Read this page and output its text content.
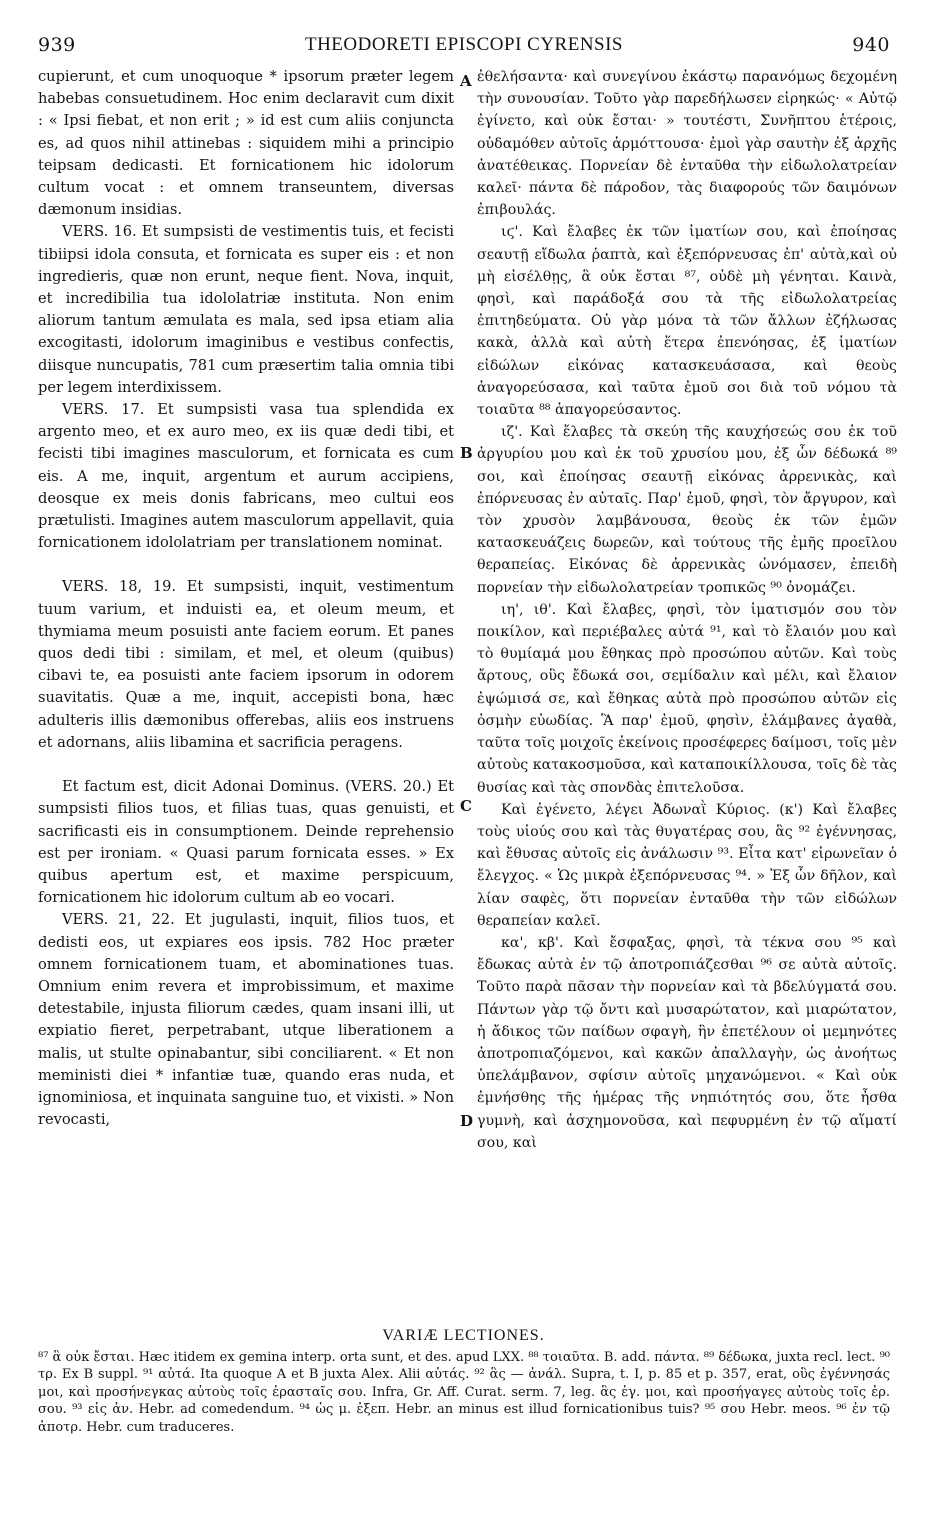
939	THEODORETI EPISCOPI CYRENSIS	940

cupierunt, et cum unoquoque * ipsorum præter legem habebas consuetudinem. Hoc enim declaravit cum dixit : « Ipsi fiebat, et non erit ; » id est cum aliis conjuncta es, ad quos nihil attinebas : siquidem mihi a principio teipsam dedicasti. Et fornicationem hic idolorum cultum vocat : et omnem transeuntem, diversas dæmonum insidias.

VERS. 16. Et sumpsisti de vestimentis tuis, et fecisti tibiipsi idola consuta, et fornicata es super eis : et non ingredieris, quæ non erunt, neque fient. Nova, inquit, et incredibilia tua idololatriæ instituta. Non enim aliorum tantum æmulata es mala, sed ipsa etiam alia excogitasti, idolorum imaginibus e vestibus confectis, diisque nuncupatis, 781 cum præsertim talia omnia tibi per legem interdixissem.

VERS. 17. Et sumpsisti vasa tua splendida ex argento meo, et ex auro meo, ex iis quæ dedi tibi, et fecisti tibi imagines masculorum, et fornicata es cum eis. A me, inquit, argentum et aurum accipiens, deosque ex meis donis fabricans, meo cultui eos prætulisti. Imagines autem masculorum appellavit, quia fornicationem idololatriam per translationem nominat.

VERS. 18, 19. Et sumpsisti, inquit, vestimentum tuum varium, et induisti ea, et oleum meum, et thymiama meum posuisti ante faciem eorum. Et panes quos dedi tibi : similam, et mel, et oleum (quibus) cibavi te, ea posuisti ante faciem ipsorum in odorem suavitatis. Quæ a me, inquit, accepisti bona, hæc adulteris illis dæmonibus offerebas, aliis eos instruens et adornans, aliis libamina et sacrificia peragens.

Et factum est, dicit Adonai Dominus. (VERS. 20.) Et sumpsisti filios tuos, et filias tuas, quas genuisti, et sacrificasti eis in consumptionem. Deinde reprehensio est per ironiam. « Quasi parum fornicata esses. » Ex quibus apertum est, et maxime perspicuum, fornicationem hic idolorum cultum ab eo vocari.

VERS. 21, 22. Et jugulasti, inquit, filios tuos, et dedisti eos, ut expiares eos ipsis. 782 Hoc præter omnem fornicationem tuam, et abominationes tuas. Omnium enim revera et improbissimum, et maxime detestabile, injusta filiorum cædes, quam insani illi, ut expiatio fieret, perpetrabant, utque liberationem a malis, ut stulte opinabantur, sibi conciliarent. « Et non meministi diei * infantiæ tuæ, quando eras nuda, et ignominiosa, et inquinata sanguine tuo, et vixisti. » Non revocasti,

A
B
C
D

ἐθελήσαντα· καὶ συνεγίνου ἑκάστῳ παρανόμως δεχομένη τὴν συνουσίαν. Τοῦτο γὰρ παρεδήλωσεν εἰρηκώς· « Αὐτῷ ἐγίνετο, καὶ οὐκ ἔσται· » τουτέστι, Συνῆπτου ἑτέροις, οὐδαμόθεν αὐτοῖς ἁρμόττουσα· ἐμοὶ γὰρ σαυτὴν ἐξ ἀρχῆς ἀνατέθεικας. Πορνείαν δὲ ἐνταῦθα τὴν εἰδωλολατρείαν καλεῖ· πάντα δὲ πάροδον, τὰς διαφορούς τῶν δαιμόνων ἐπιβουλάς.

ιϛ'. Καὶ ἔλαβες ἐκ τῶν ἱματίων σου, καὶ ἐποίησας σεαυτῇ εἴδωλα ῥαπτὰ, καὶ ἐξεπόρνευσας ἐπ' αὐτὰ,καὶ οὐ μὴ εἰσέλθῃς, ἃ οὐκ ἔσται ⁸⁷, οὐδὲ μὴ γένηται. Καινὰ, φησὶ, καὶ παράδοξά σου τὰ τῆς εἰδωλολατρείας ἐπιτηδεύματα. Οὐ γὰρ μόνα τὰ τῶν ἄλλων ἐζήλωσας κακὰ, ἀλλὰ καὶ αὐτὴ ἕτερα ἐπενόησας, ἐξ ἱματίων εἰδώλων εἰκόνας κατασκευάσασα, καὶ θεοὺς ἀναγορεύσασα, καὶ ταῦτα ἐμοῦ σοι διὰ τοῦ νόμου τὰ τοιαῦτα ⁸⁸ ἀπαγορεύσαντος.

ιζ'. Καὶ ἔλαβες τὰ σκεύη τῆς καυχήσεώς σου ἐκ τοῦ ἀργυρίου μου καὶ ἐκ τοῦ χρυσίου μου, ἐξ ὧν δέδωκά ⁸⁹ σοι, καὶ ἐποίησας σεαυτῇ εἰκόνας ἀρρενικὰς, καὶ ἐπόρνευσας ἐν αὐταῖς. Παρ' ἐμοῦ, φησὶ, τὸν ἄργυρον, καὶ τὸν χρυσὸν λαμβάνουσα, θεοὺς ἐκ τῶν ἐμῶν κατασκευάζεις δωρεῶν, καὶ τούτους τῆς ἐμῆς προεῖλου θεραπείας. Εἰκόνας δὲ ἀρρενικὰς ὠνόμασεν, ἐπειδὴ πορνείαν τὴν εἰδωλολατρείαν τροπικῶς ⁹⁰ ὀνομάζει.

ιη', ιθ'. Καὶ ἔλαβες, φησὶ, τὸν ἱματισμόν σου τὸν ποικίλον, καὶ περιέβαλες αὐτά ⁹¹, καὶ τὸ ἔλαιόν μου καὶ τὸ θυμίαμά μου ἔθηκας πρὸ προσώπου αὐτῶν. Καὶ τοὺς ἄρτους, οὓς ἔδωκά σοι, σεμίδαλιν καὶ μέλι, καὶ ἔλαιον ἐψώμισά σε, καὶ ἔθηκας αὐτὰ πρὸ προσώπου αὐτῶν εἰς ὀσμὴν εὐωδίας. Ἃ παρ' ἐμοῦ, φησὶν, ἐλάμβανες ἀγαθὰ, ταῦτα τοῖς μοιχοῖς ἐκείνοις προσέφερες δαίμοσι, τοῖς μὲν αὐτοὺς κατακοσμοῦσα, καὶ καταποικίλλουσα, τοῖς δὲ τὰς θυσίας καὶ τὰς σπονδὰς ἐπιτελοῦσα.

Καὶ ἐγένετο, λέγει Ἀδωναῒ Κύριος. (κ') Καὶ ἔλαβες τοὺς υἱούς σου καὶ τὰς θυγατέρας σου, ἃς ⁹² ἐγέννησας, καὶ ἔθυσας αὐτοῖς εἰς ἀνάλωσιν ⁹³. Εἶτα κατ' εἰρωνεῖαν ὁ ἔλεγχος. « Ὡς μικρὰ ἐξεπόρνευσας ⁹⁴. » Ἐξ ὧν δῆλον, καὶ λίαν σαφὲς, ὅτι πορνείαν ἐνταῦθα τὴν τῶν εἰδώλων θεραπείαν καλεῖ.

κα', κβ'. Καὶ ἔσφαξας, φησὶ, τὰ τέκνα σου ⁹⁵ καὶ ἔδωκας αὐτὰ ἐν τῷ ἀποτροπιάζεσθαι ⁹⁶ σε αὐτὰ αὐτοῖς. Τοῦτο παρὰ πᾶσαν τὴν πορνείαν καὶ τὰ βδελύγματά σου. Πάντων γὰρ τῷ ὄντι καὶ μυσαρώτατον, καὶ μιαρώτατον, ἡ ἄδικος τῶν παίδων σφαγὴ, ἣν ἐπετέλουν οἱ μεμηνότες ἀποτροπιαζόμενοι, καὶ κακῶν ἀπαλλαγὴν, ὡς ἀνοήτως ὑπελάμβανον, σφίσιν αὐτοῖς μηχανώμενοι. « Καὶ οὐκ ἐμνήσθης τῆς ἡμέρας τῆς νηπιότητός σου, ὅτε ἦσθα γυμνὴ, καὶ ἀσχημονοῦσα, καὶ πεφυρμένη ἐν τῷ αἵματί σου, καὶ

VARIÆ LECTIONES.

⁸⁷ ἃ οὐκ ἔσται. Hæc itidem ex gemina interp. orta sunt, et des. apud LXX. ⁸⁸ τοιαῦτα. B. add. πάντα. ⁸⁹ δέδωκα, juxta recl. lect. ⁹⁰ τρ. Ex B suppl. ⁹¹ αὐτά. Ita quoque A et B juxta Alex. Alii αὐτάς. ⁹² ἃς — ἀνάλ. Supra, t. I, p. 85 et p. 357, erat, οὓς ἐγέννησάς μοι, καὶ προσήνεγκας αὐτοὺς τοῖς ἐρασταῖς σου. Infra, Gr. Aff. Curat. serm. 7, leg. ἃς ἐγ. μοι, καὶ προσήγαγες αὐτοὺς τοῖς ἐρ. σου. ⁹³ εἰς ἀν. Hebr. ad comedendum. ⁹⁴ ὡς μ. ἐξεπ. Hebr. an minus est illud fornicationibus tuis? ⁹⁵ σου Hebr. meos. ⁹⁶ ἐν τῷ ἀποτρ. Hebr. cum traduceres.
